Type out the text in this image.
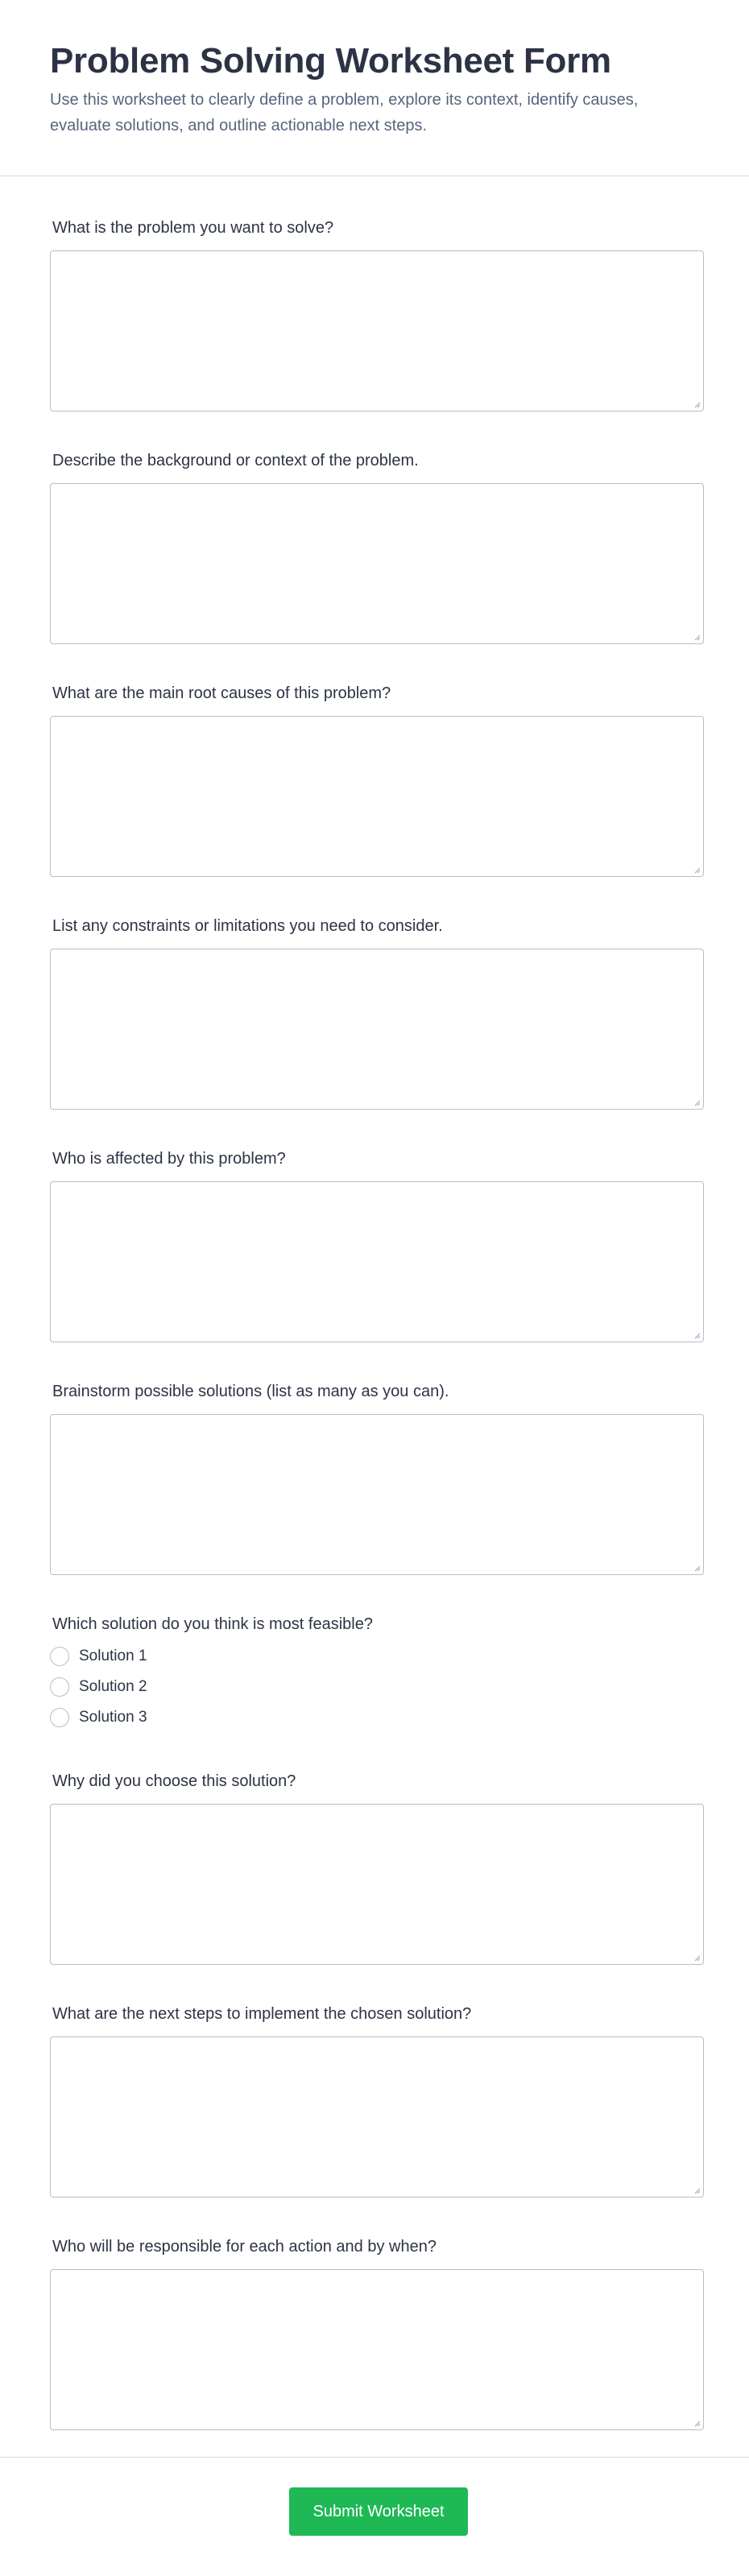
Problem Solving Worksheet Form

Use this worksheet to clearly define a problem, explore its context, identify causes, evaluate solutions, and outline actionable next steps.

What is the problem you want to solve?
Describe the background or context of the problem.
What are the main root causes of this problem?
List any constraints or limitations you need to consider.
Who is affected by this problem?
Brainstorm possible solutions (list as many as you can).
Which solution do you think is most feasible?
Solution 1
Solution 2
Solution 3
Why did you choose this solution?
What are the next steps to implement the chosen solution?
Who will be responsible for each action and by when?
Submit Worksheet
